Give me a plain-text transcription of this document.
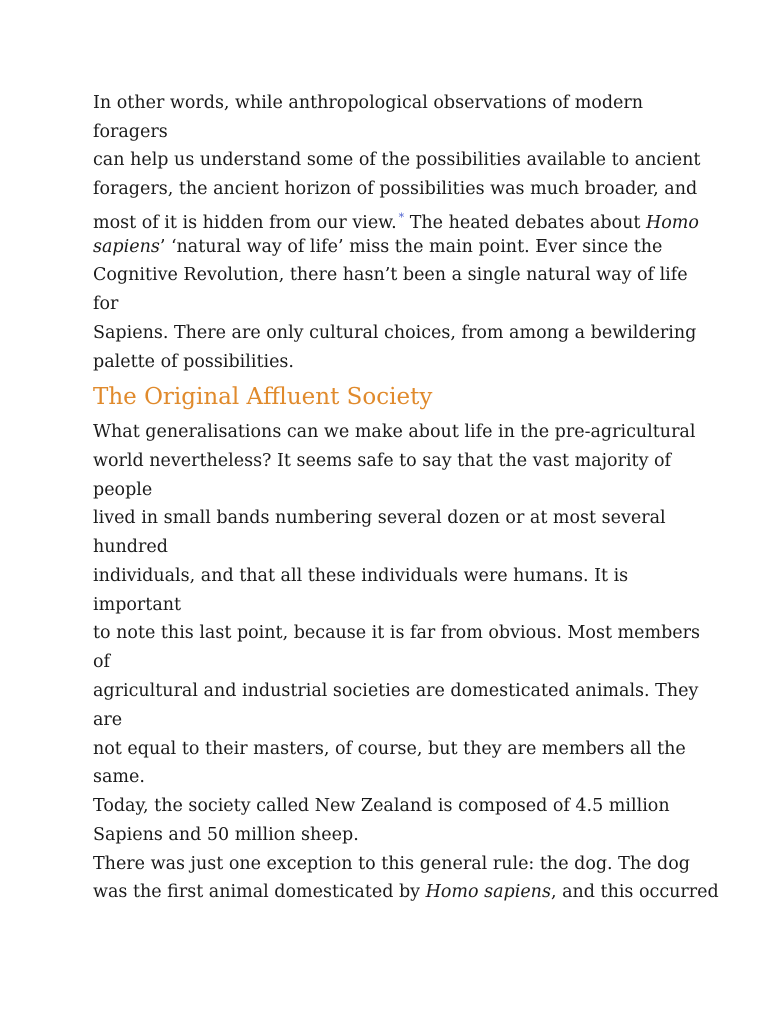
In other words, while anthropological observations of modern
foragers
can help us understand some of the possibilities available to ancient
foragers, the ancient horizon of possibilities was much broader, and
most of it is hidden from our view. * The heated debates about Homo
sapiens’ ‘natural way of life’ miss the main point. Ever since the
Cognitive Revolution, there hasn’t been a single natural way of life
for
Sapiens. There are only cultural choices, from among a bewildering
palette of possibilities.
The Original Affluent Society
What generalisations can we make about life in the pre-agricultural
world nevertheless? It seems safe to say that the vast majority of
people
lived in small bands numbering several dozen or at most several
hundred
individuals, and that all these individuals were humans. It is
important
to note this last point, because it is far from obvious. Most members
of
agricultural and industrial societies are domesticated animals. They
are
not equal to their masters, of course, but they are members all the
same.
Today, the society called New Zealand is composed of 4.5 million
Sapiens and 50 million sheep.
There was just one exception to this general rule: the dog. The dog
was the first animal domesticated by Homo sapiens, and this occurred
